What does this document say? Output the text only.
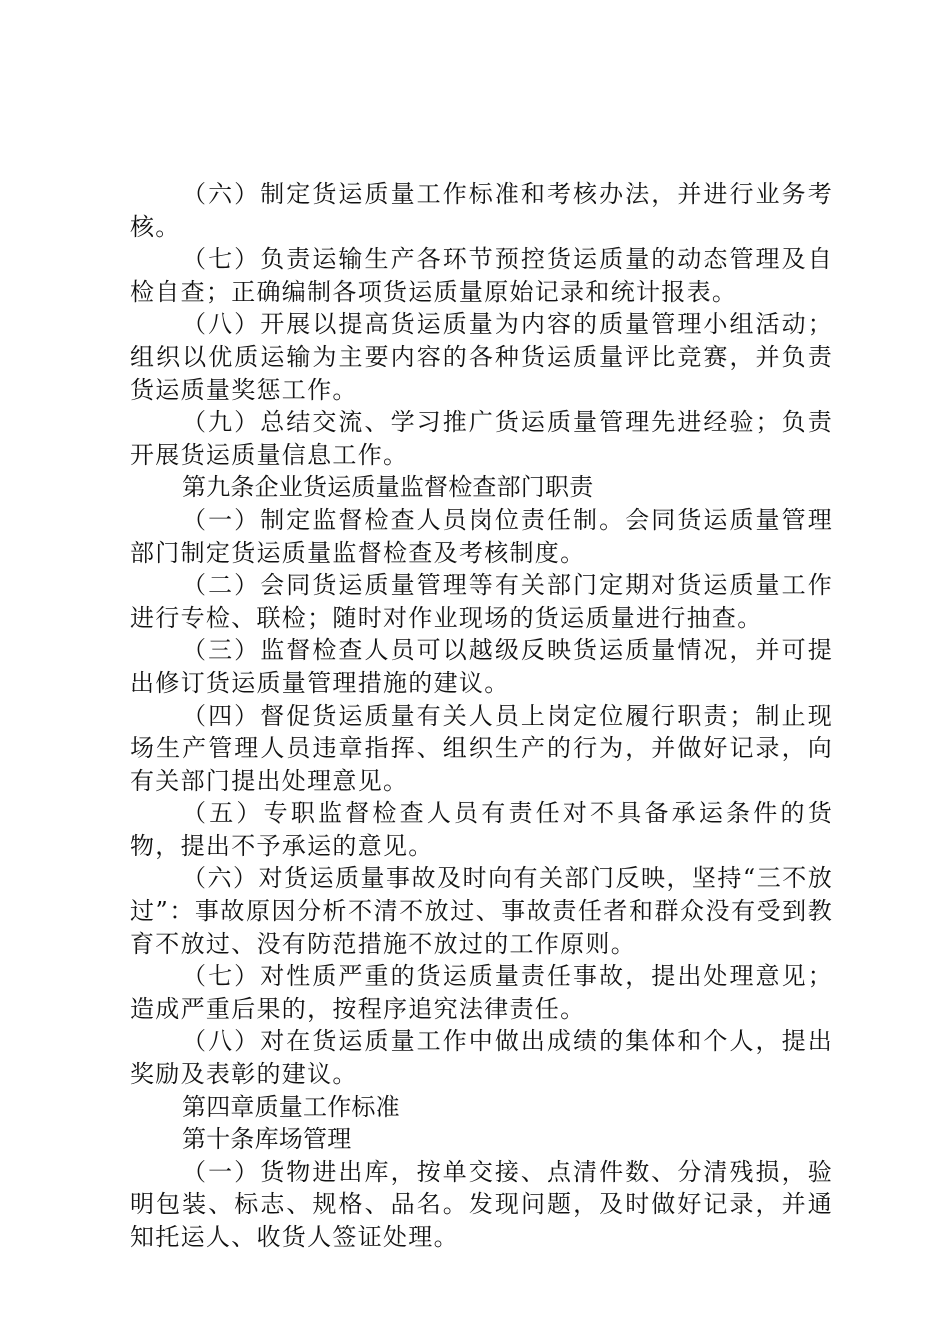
（六）制定货运质量工作标准和考核办法，并进行业务考核。

（七）负责运输生产各环节预控货运质量的动态管理及自检自查；正确编制各项货运质量原始记录和统计报表。

（八）开展以提高货运质量为内容的质量管理小组活动；组织以优质运输为主要内容的各种货运质量评比竞赛，并负责货运质量奖惩工作。

（九）总结交流、学习推广货运质量管理先进经验；负责开展货运质量信息工作。

第九条企业货运质量监督检查部门职责

（一）制定监督检查人员岗位责任制。会同货运质量管理部门制定货运质量监督检查及考核制度。

（二）会同货运质量管理等有关部门定期对货运质量工作进行专检、联检；随时对作业现场的货运质量进行抽查。

（三）监督检查人员可以越级反映货运质量情况，并可提出修订货运质量管理措施的建议。

（四）督促货运质量有关人员上岗定位履行职责；制止现场生产管理人员违章指挥、组织生产的行为，并做好记录，向有关部门提出处理意见。

（五）专职监督检查人员有责任对不具备承运条件的货物，提出不予承运的意见。

（六）对货运质量事故及时向有关部门反映，坚持“三不放过”：事故原因分析不清不放过、事故责任者和群众没有受到教育不放过、没有防范措施不放过的工作原则。

（七）对性质严重的货运质量责任事故，提出处理意见；造成严重后果的，按程序追究法律责任。

（八）对在货运质量工作中做出成绩的集体和个人，提出奖励及表彰的建议。

第四章质量工作标准

第十条库场管理

（一）货物进出库，按单交接、点清件数、分清残损，验明包装、标志、规格、品名。发现问题，及时做好记录，并通知托运人、收货人签证处理。
